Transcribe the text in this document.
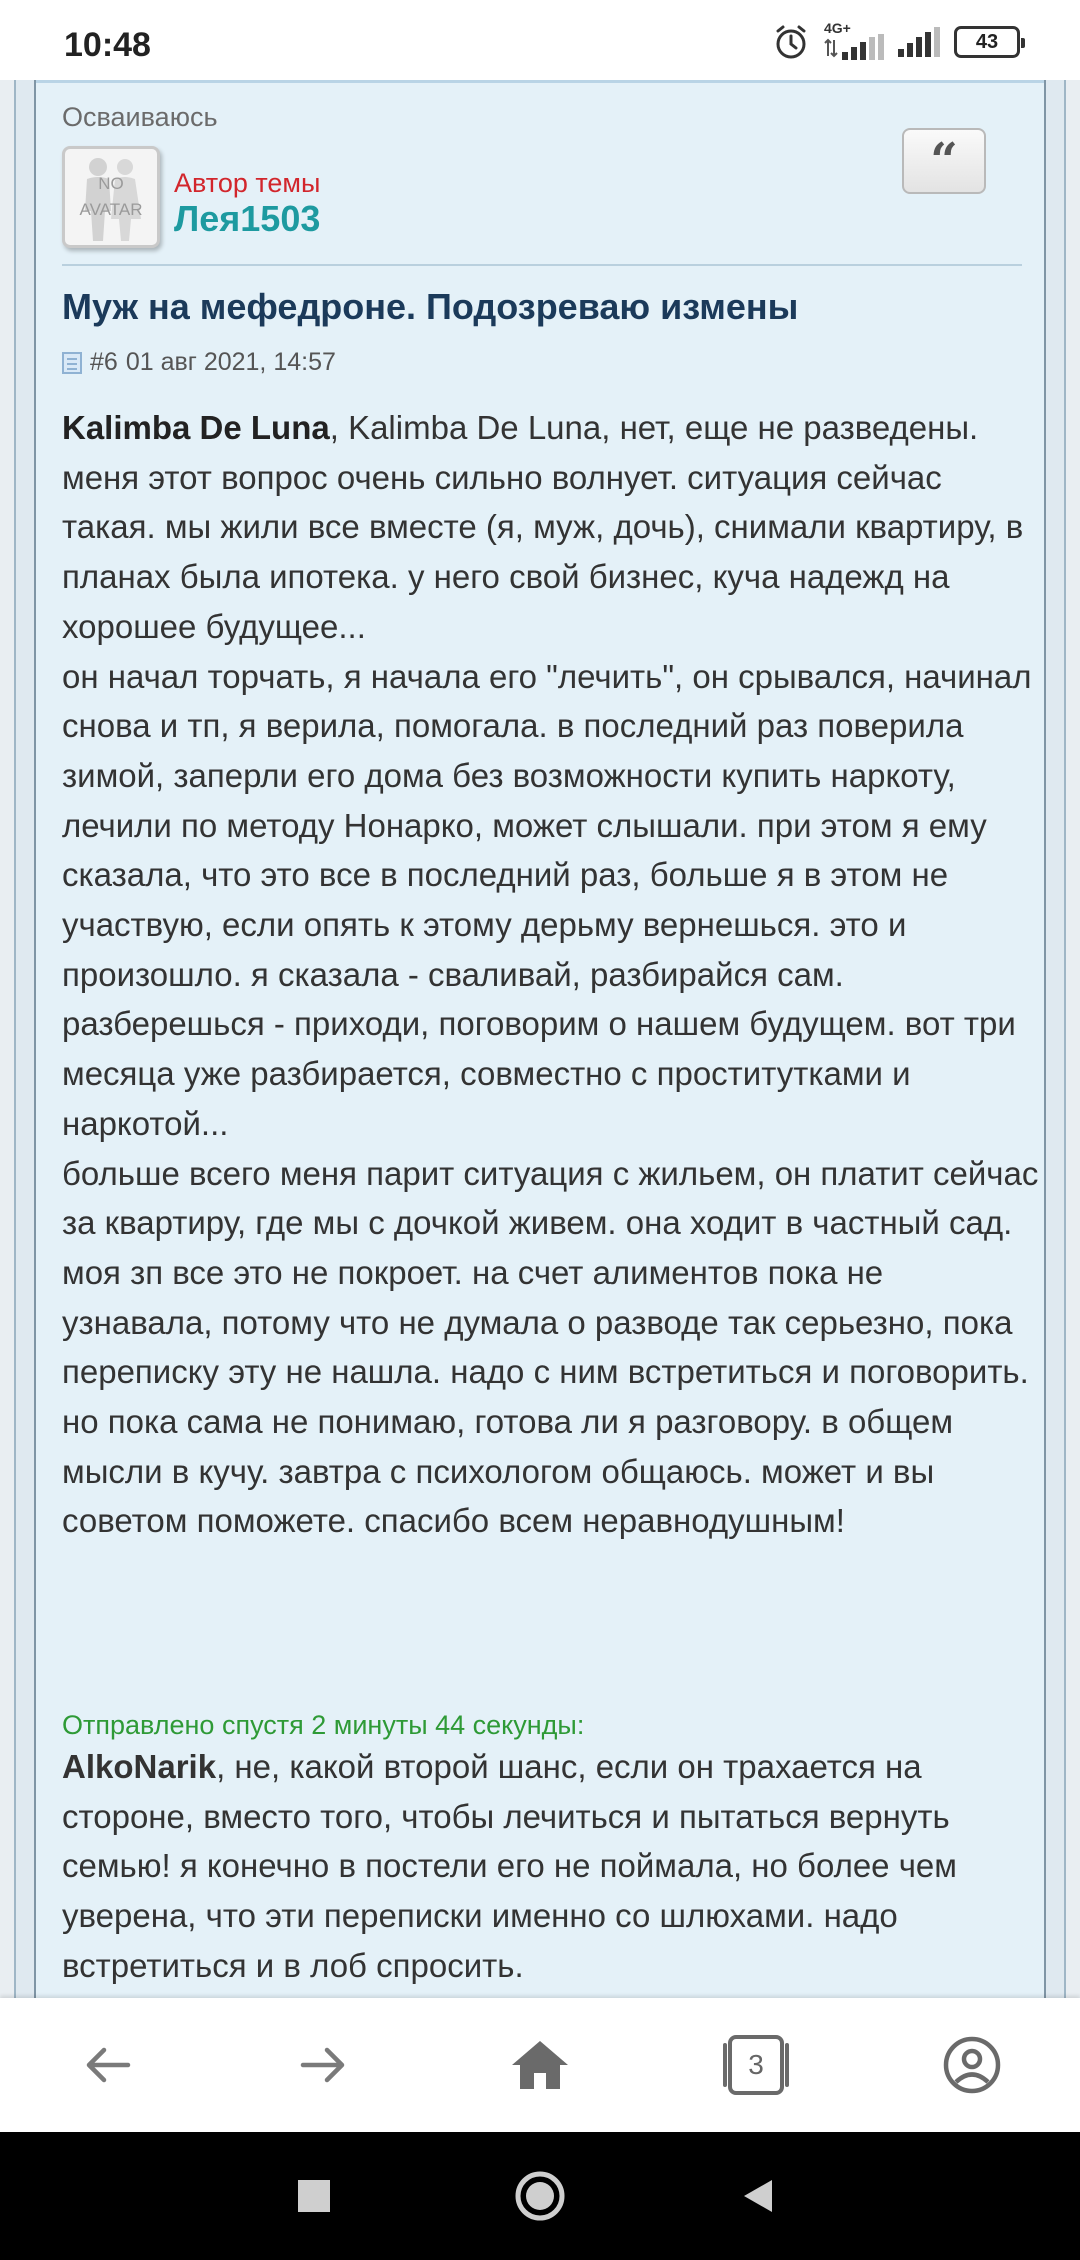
10:48	4G+
43
Осваиваюсь
NO
AVATAR
Автор темы
Лея1503
“
Муж на мефедроне. Подозреваю измены
#6 01 авг 2021, 14:57

Kalimba De Luna, Kalimba De Luna, нет, еще не разведены. меня этот вопрос очень сильно волнует. ситуация сейчас такая. мы жили все вместе (я, муж, дочь), снимали квартиру, в планах была ипотека. у него свой бизнес, куча надежд на хорошее будущее...

он начал торчать, я начала его "лечить", он срывался, начинал снова и тп, я верила, помогала. в последний раз поверила зимой, заперли его дома без возможности купить наркоту, лечили по методу Нонарко, может слышали. при этом я ему сказала, что это все в последний раз, больше я в этом не участвую, если опять к этому дерьму вернешься. это и произошло. я сказала - сваливай, разбирайся сам. разберешься - приходи, поговорим о нашем будущем. вот три месяца уже разбирается, совместно с проститутками и наркотой...

больше всего меня парит ситуация с жильем, он платит сейчас за квартиру, где мы с дочкой живем. она ходит в частный сад. моя зп все это не покроет. на счет алиментов пока не узнавала, потому что не думала о разводе так серьезно, пока переписку эту не нашла. надо с ним встретиться и поговорить. но пока сама не понимаю, готова ли я разговору. в общем мысли в кучу. завтра с психологом общаюсь. может и вы советом поможете. спасибо всем неравнодушным!

Отправлено спустя 2 минуты 44 секунды:

AlkoNarik, не, какой второй шанс, если он трахается на стороне, вместо того, чтобы лечиться и пытаться вернуть семью! я конечно в постели его не поймала, но более чем уверена, что эти переписки именно со шлюхами. надо встретиться и в лоб спросить.

3
